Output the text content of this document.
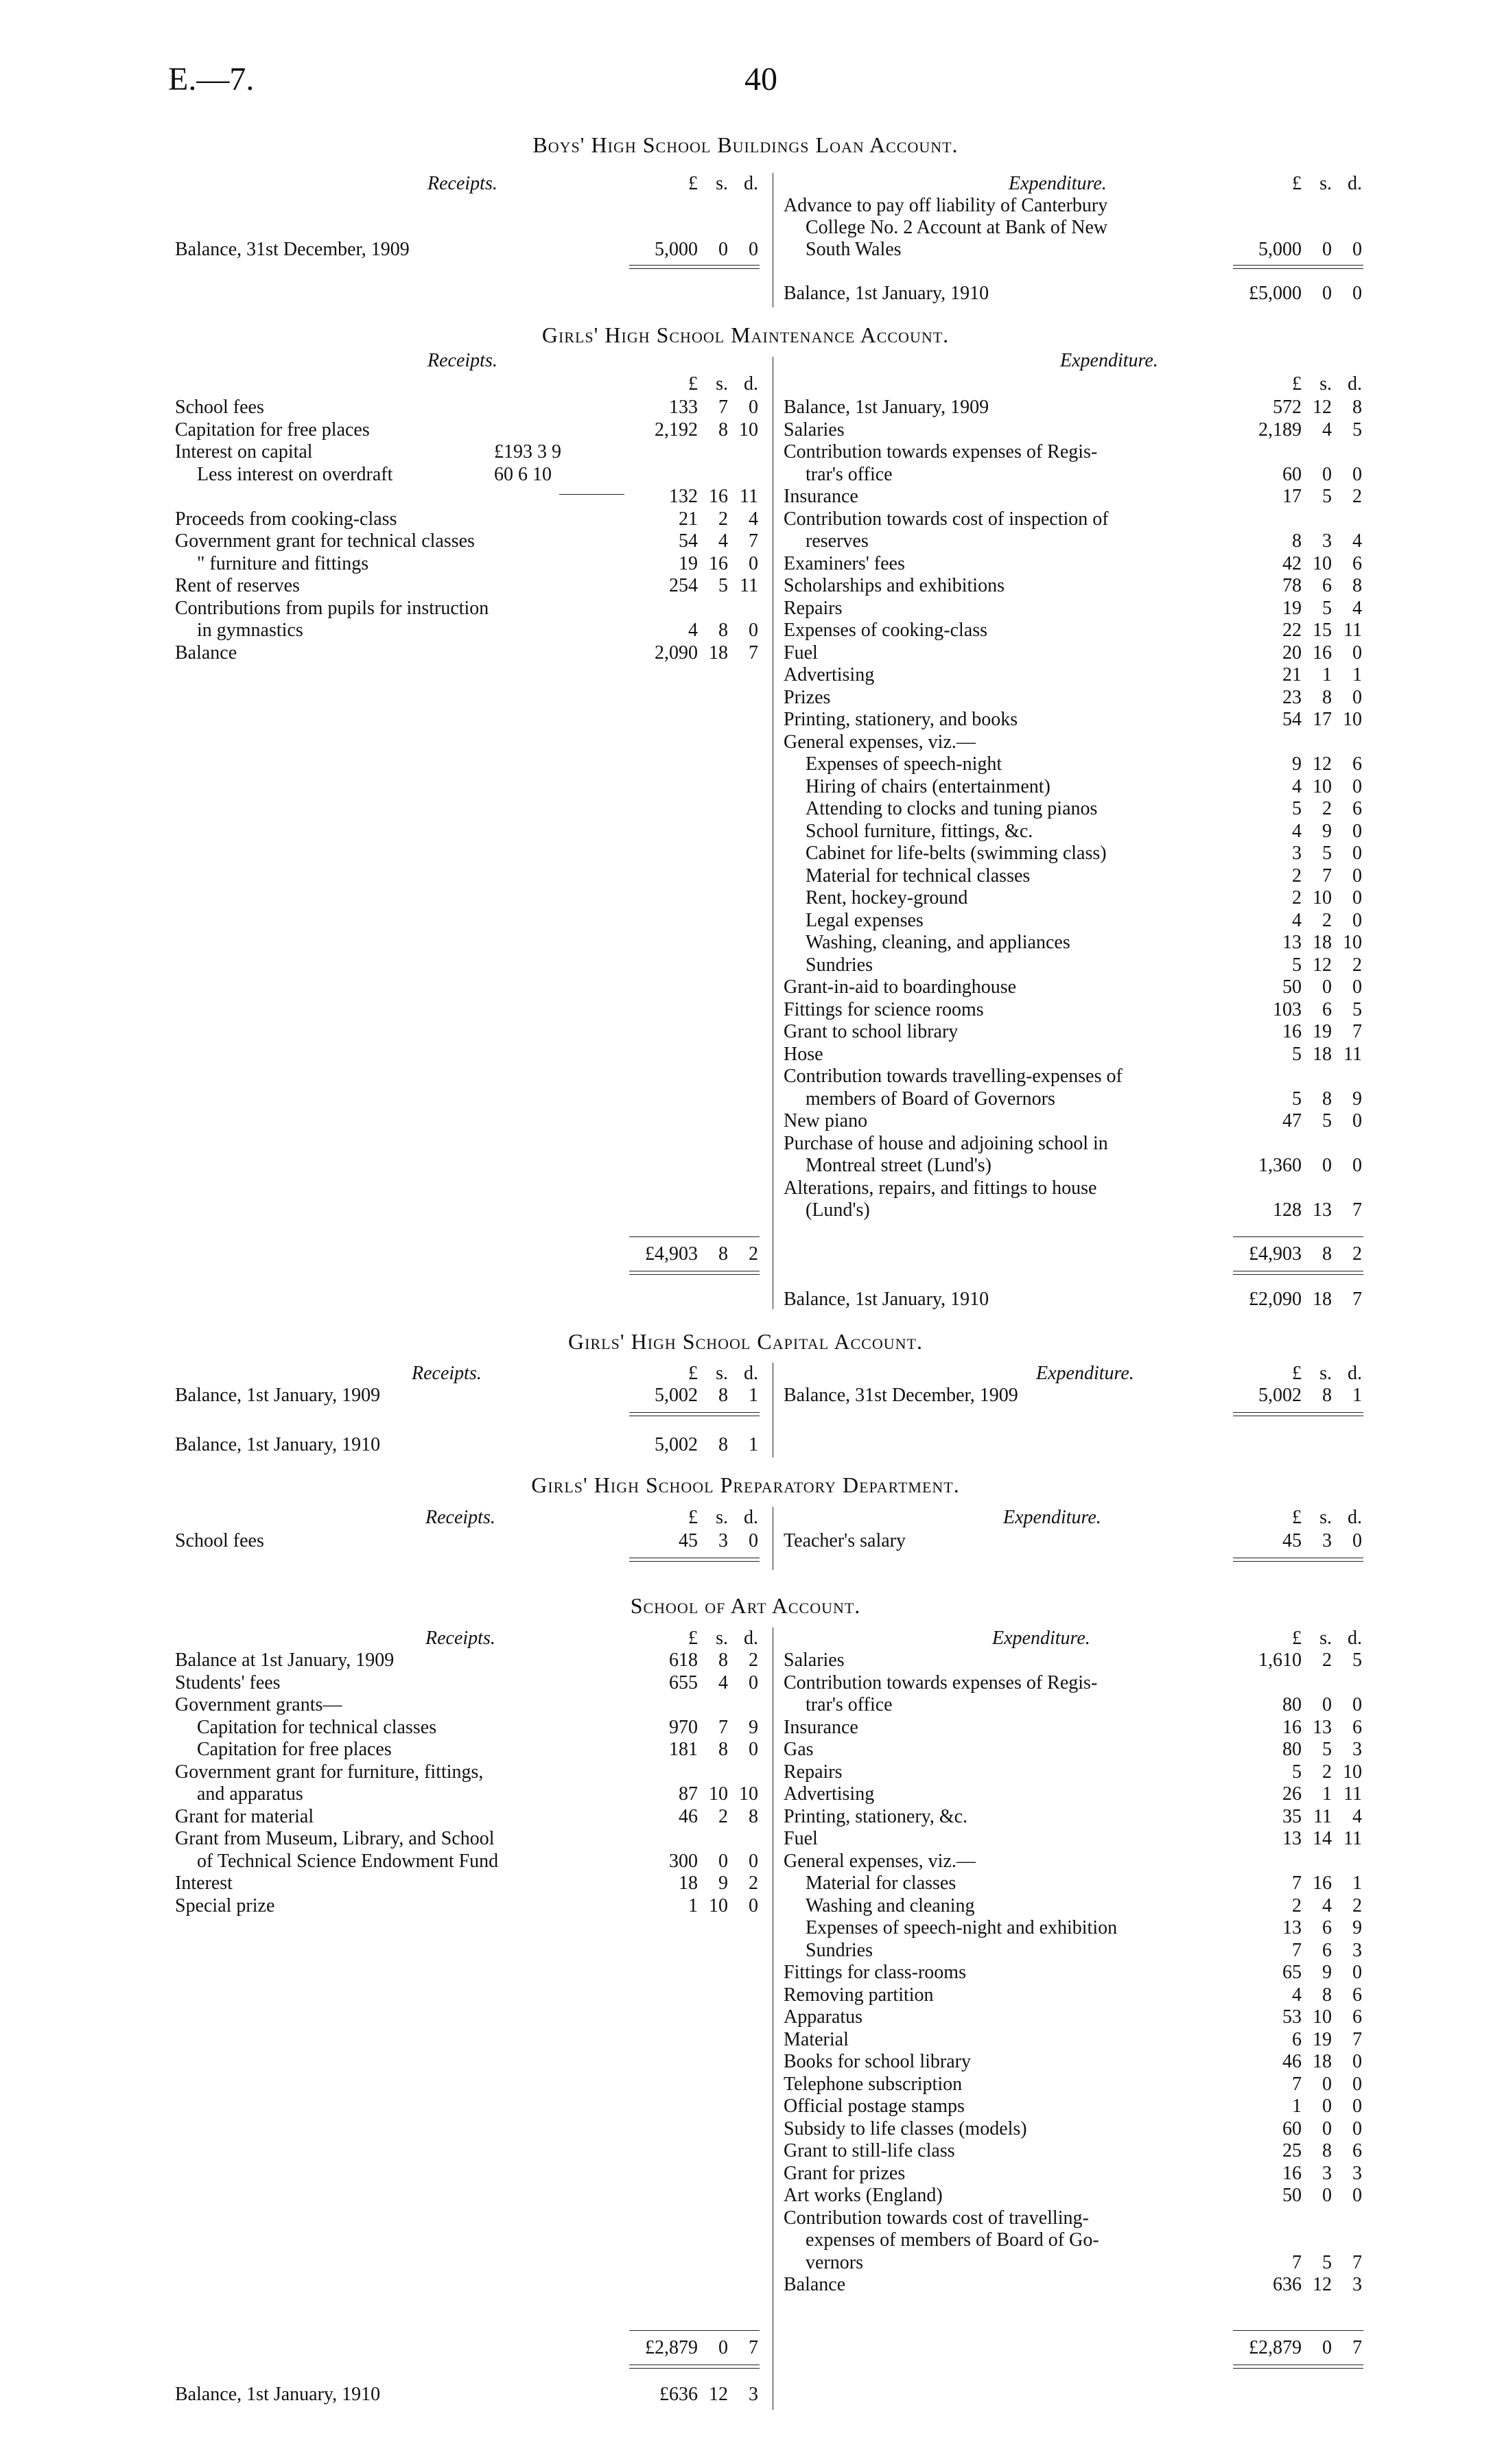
E.—7.	40
Boys' High School Buildings Loan Account.
Receipts.	£ s. d.	Expenditure.	£ s. d.
Balance, 31st December, 1909	5,000	0	0
Advance to pay off liability of Canterbury
College No. 2 Account at Bank of New
South Wales	5,000	0	0
Balance, 1st January, 1910	£5,000	0	0
Girls' High School Maintenance Account.
Receipts.	Expenditure.
£ s. d.	£ s. d.
School fees	133	7	0
Capitation for free places	2,192	8 10
Interest on capital	£193 3 9
Less interest on overdraft	60 6 10
132 16 11
Proceeds from cooking-class	21	2	4
Government grant for technical classes	54	4	7
" furniture and fittings	19 16	0
Rent of reserves	254	5 11
Contributions from pupils for instruction
in gymnastics	4	8	0
Balance	2,090 18	7
Balance, 1st January, 1909	572 12	8
Salaries	2,189	4	5
Contribution towards expenses of Regis-
trar's office	60	0	0
Insurance	17	5	2
Contribution towards cost of inspection of
reserves	8	3	4
Examiners' fees	42 10	6
Scholarships and exhibitions	78	6	8
Repairs	19	5	4
Expenses of cooking-class	22 15 11
Fuel	20 16	0
Advertising	21	1	1
Prizes	23	8	0
Printing, stationery, and books	54 17 10
General expenses, viz.—
Expenses of speech-night	9 12	6
Hiring of chairs (entertainment)	4 10	0
Attending to clocks and tuning pianos	5	2	6
School furniture, fittings, &c.	4	9	0
Cabinet for life-belts (swimming class)	3	5	0
Material for technical classes	2	7	0
Rent, hockey-ground	2 10	0
Legal expenses	4	2	0
Washing, cleaning, and appliances	13 18 10
Sundries	5 12	2
Grant-in-aid to boardinghouse	50	0	0
Fittings for science rooms	103	6	5
Grant to school library	16 19	7
Hose	5 18 11
Contribution towards travelling-expenses of
members of Board of Governors	5	8	9
New piano	47	5	0
Purchase of house and adjoining school in
Montreal street (Lund's)	1,360	0	0
Alterations, repairs, and fittings to house
(Lund's)	128 13	7
£4,903	8	2	£4,903	8	2
Balance, 1st January, 1910	£2,090 18	7
Girls' High School Capital Account.
Receipts.	£ s. d.	Expenditure.	£ s. d.
Balance, 1st January, 1909	5,002	8	1 Balance, 31st December, 1909	5,002	8	1
Balance, 1st January, 1910	5,002	8	1
Girls' High School Preparatory Department.
Receipts.	£ s. d.	Expenditure.	£ s. d.
School fees	45	3	0 Teacher's salary	45	3	0
School of Art Account.
Receipts.	£ s. d.	Expenditure.	£ s. d.
Balance at 1st January, 1909	618	8	2
Students' fees	655	4	0
Government grants—
Capitation for technical classes	970	7	9
Capitation for free places	181	8	0
Government grant for furniture, fittings,
and apparatus	87 10 10
Grant for material	46	2	8
Grant from Museum, Library, and School
of Technical Science Endowment Fund	300	0	0
Interest	18	9	2
Special prize	1 10	0
Salaries	1,610	2	5
Contribution towards expenses of Regis-
trar's office	80	0	0
Insurance	16 13	6
Gas	80	5	3
Repairs	5	2 10
Advertising	26	1 11
Printing, stationery, &c.	35 11	4
Fuel	13 14 11
General expenses, viz.—
Material for classes	7 16	1
Washing and cleaning	2	4	2
Expenses of speech-night and exhibition	13	6	9
Sundries	7	6	3
Fittings for class-rooms	65	9	0
Removing partition	4	8	6
Apparatus	53 10	6
Material	6 19	7
Books for school library	46 18	0
Telephone subscription	7	0	0
Official postage stamps	1	0	0
Subsidy to life classes (models)	60	0	0
Grant to still-life class	25	8	6
Grant for prizes	16	3	3
Art works (England)	50	0	0
Contribution towards cost of travelling-
expenses of members of Board of Go-
vernors	7	5	7
Balance	636 12	3
£2,879	0	7	£2,879	0	7
Balance, 1st January, 1910	£636 12	3
